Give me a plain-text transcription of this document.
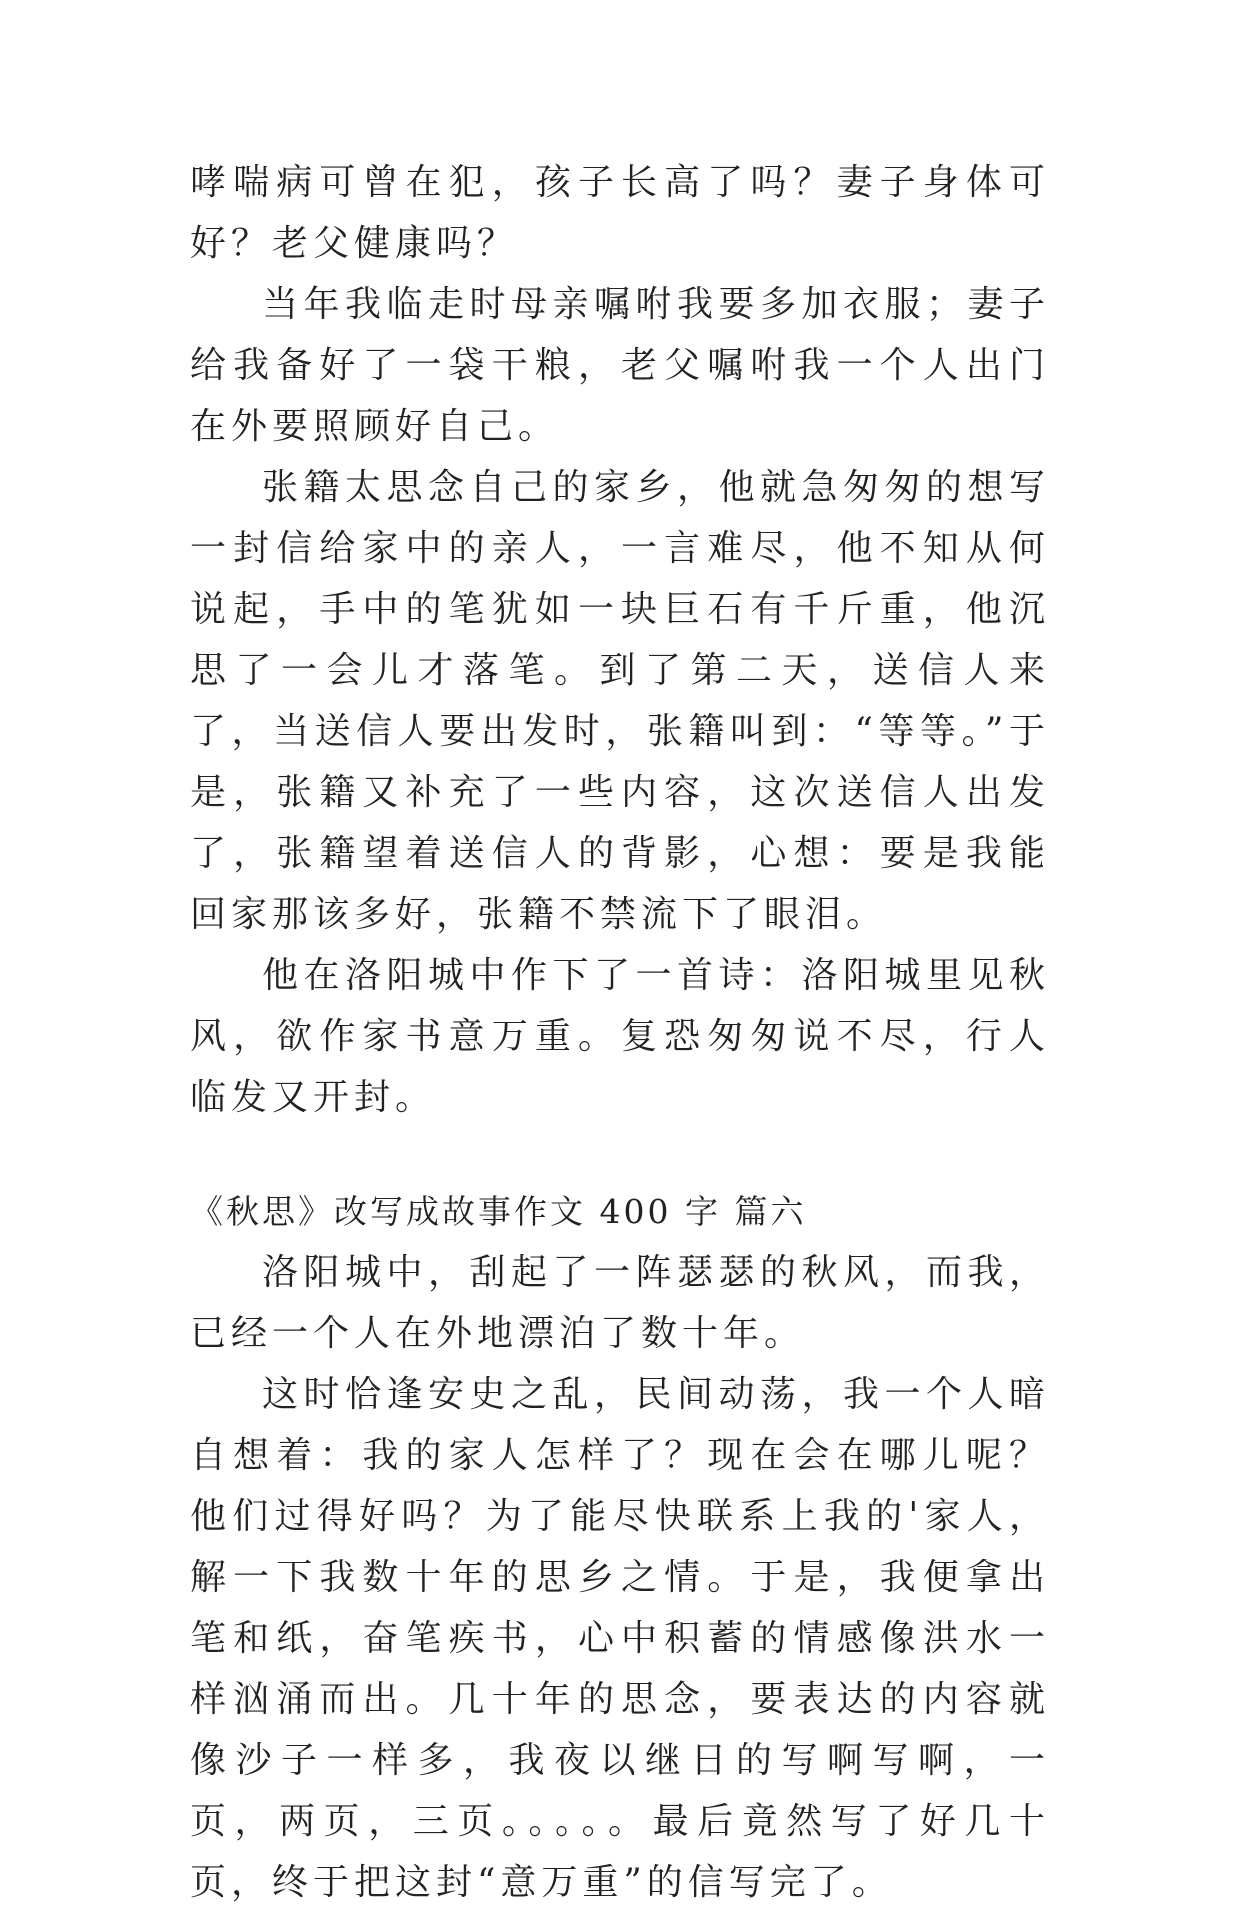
哮喘病可曾在犯，孩子长高了吗？妻子身体可好？老父健康吗？

当年我临走时母亲嘱咐我要多加衣服；妻子给我备好了一袋干粮，老父嘱咐我一个人出门在外要照顾好自己。

张籍太思念自己的家乡，他就急匆匆的想写一封信给家中的亲人，一言难尽，他不知从何说起，手中的笔犹如一块巨石有千斤重，他沉思了一会儿才落笔。到了第二天，送信人来了，当送信人要出发时，张籍叫到：“等等。”于是，张籍又补充了一些内容，这次送信人出发了，张籍望着送信人的背影，心想：要是我能回家那该多好，张籍不禁流下了眼泪。

他在洛阳城中作下了一首诗：洛阳城里见秋风，欲作家书意万重。复恐匆匆说不尽，行人临发又开封。

《秋思》改写成故事作文 400 字 篇六

洛阳城中，刮起了一阵瑟瑟的秋风，而我，已经一个人在外地漂泊了数十年。

这时恰逢安史之乱，民间动荡，我一个人暗自想着：我的家人怎样了？现在会在哪儿呢？他们过得好吗？为了能尽快联系上我的'家人，解一下我数十年的思乡之情。于是，我便拿出笔和纸，奋笔疾书，心中积蓄的情感像洪水一样汹涌而出。几十年的思念，要表达的内容就像沙子一样多，我夜以继日的写啊写啊，一页，两页，三页。。。。。最后竟然写了好几十页，终于把这封“意万重”的信写完了。
